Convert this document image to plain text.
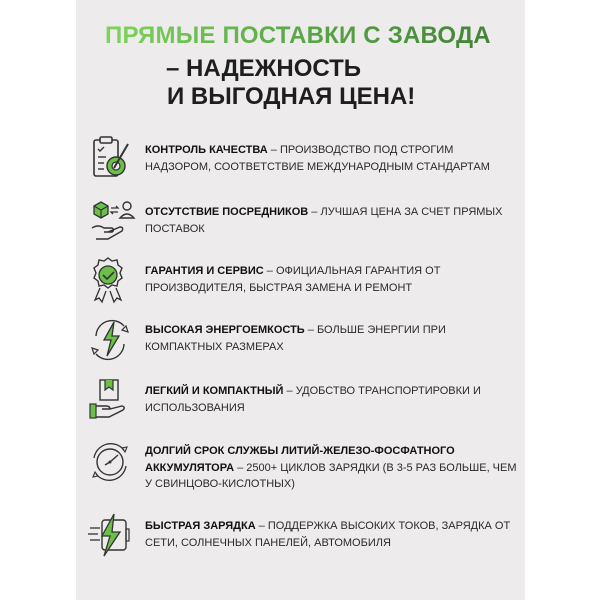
ПРЯМЫЕ ПОСТАВКИ С ЗАВОДА
– НАДЕЖНОСТЬ
И ВЫГОДНАЯ ЦЕНА!
КОНТРОЛЬ КАЧЕСТВА – ПРОИЗВОДСТВО ПОД СТРОГИМ НАДЗОРОМ, СООТВЕТСТВИЕ МЕЖДУНАРОДНЫМ СТАНДАРТАМ
ОТСУТСТВИЕ ПОСРЕДНИКОВ – ЛУЧШАЯ ЦЕНА ЗА СЧЕТ ПРЯМЫХ ПОСТАВОК
ГАРАНТИЯ И СЕРВИС – ОФИЦИАЛЬНАЯ ГАРАНТИЯ ОТ ПРОИЗВОДИТЕЛЯ, БЫСТРАЯ ЗАМЕНА И РЕМОНТ
ВЫСОКАЯ ЭНЕРГОЕМКОСТЬ – БОЛЬШЕ ЭНЕРГИИ ПРИ КОМПАКТНЫХ РАЗМЕРАХ
ЛЕГКИЙ И КОМПАКТНЫЙ – УДОБСТВО ТРАНСПОРТИРОВКИ И ИСПОЛЬЗОВАНИЯ
ДОЛГИЙ СРОК СЛУЖБЫ ЛИТИЙ-ЖЕЛЕЗО-ФОСФАТНОГО АККУМУЛЯТОРА – 2500+ ЦИКЛОВ ЗАРЯДКИ (В 3-5 РАЗ БОЛЬШЕ, ЧЕМ У СВИНЦОВО-КИСЛОТНЫХ)
БЫСТРАЯ ЗАРЯДКА – ПОДДЕРЖКА ВЫСОКИХ ТОКОВ, ЗАРЯДКА ОТ СЕТИ, СОЛНЕЧНЫХ ПАНЕЛЕЙ, АВТОМОБИЛЯ
